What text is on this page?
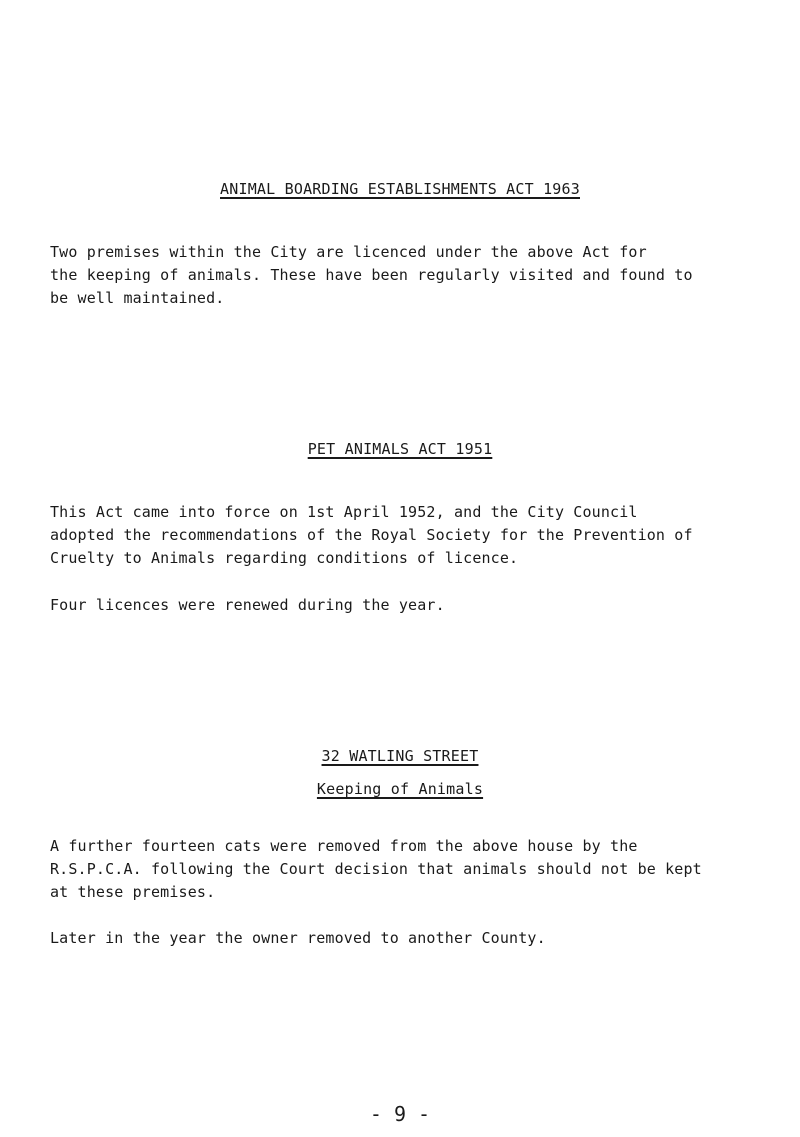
ANIMAL BOARDING ESTABLISHMENTS ACT 1963

Two premises within the City are licenced under the above Act for

the keeping of animals. These have been regularly visited and found to

be well maintained.

PET ANIMALS ACT 1951

This Act came into force on 1st April 1952, and the City Council

adopted the recommendations of the Royal Society for the Prevention of

Cruelty to Animals regarding conditions of licence.

Four licences were renewed during the year.

32 WATLING STREET
Keeping of Animals

A further fourteen cats were removed from the above house by the

R.S.P.C.A. following the Court decision that animals should not be kept

at these premises.

Later in the year the owner removed to another County.

- 9 -
